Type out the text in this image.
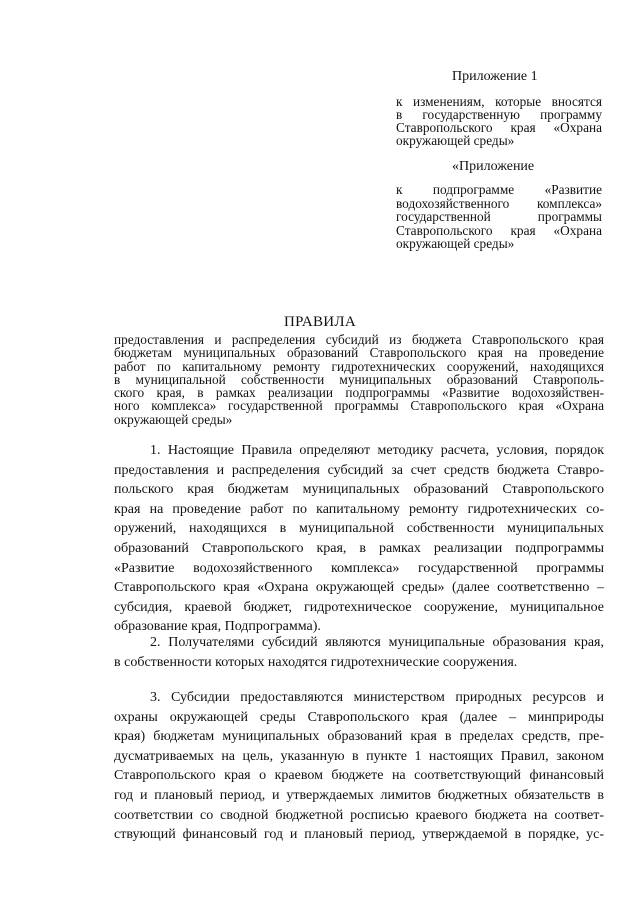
Приложение 1
к изменениям, которые вносятся
в государственную программу
Ставропольского края «Охрана
окружающей среды»
«Приложение
к подпрограмме «Развитие
водохозяйственного комплекса»
государственной программы
Ставропольского края «Охрана
окружающей среды»
ПРАВИЛА
предоставления и распределения субсидий из бюджета Ставропольского края
бюджетам муниципальных образований Ставропольского края на проведение
работ по капитальному ремонту гидротехнических сооружений, находящихся
в муниципальной собственности муниципальных образований Ставрополь-
ского края, в рамках реализации подпрограммы «Развитие водохозяйствен-
ного комплекса» государственной программы Ставропольского края «Охрана
окружающей среды»
1. Настоящие Правила определяют методику расчета, условия, порядок
предоставления и распределения субсидий за счет средств бюджета Ставро-
польского края бюджетам муниципальных образований Ставропольского
края на проведение работ по капитальному ремонту гидротехнических со-
оружений, находящихся в муниципальной собственности муниципальных
образований Ставропольского края, в рамках реализации подпрограммы
«Развитие водохозяйственного комплекса» государственной программы
Ставропольского края «Охрана окружающей среды» (далее соответственно –
субсидия, краевой бюджет, гидротехническое сооружение, муниципальное
образование края, Подпрограмма).
2. Получателями субсидий являются муниципальные образования края,
в собственности которых находятся гидротехнические сооружения.
3. Субсидии предоставляются министерством природных ресурсов и
охраны окружающей среды Ставропольского края (далее – минприроды
края) бюджетам муниципальных образований края в пределах средств, пре-
дусматриваемых на цель, указанную в пункте 1 настоящих Правил, законом
Ставропольского края о краевом бюджете на соответствующий финансовый
год и плановый период, и утверждаемых лимитов бюджетных обязательств в
соответствии со сводной бюджетной росписью краевого бюджета на соответ-
ствующий финансовый год и плановый период, утверждаемой в порядке, ус-
